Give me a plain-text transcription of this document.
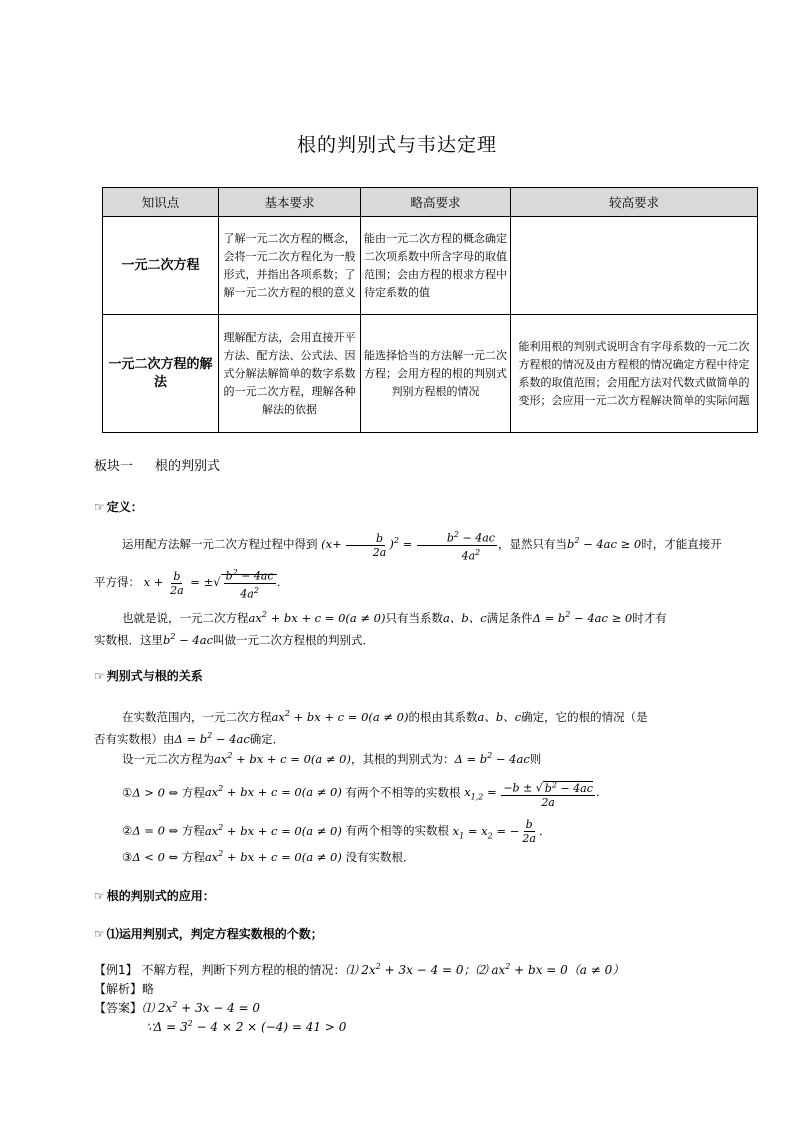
根的判别式与韦达定理
知识点	基本要求	略高要求	较高要求
一元二次方程	了解一元二次方程的概念，会将一元二次方程化为一般形式，并指出各项系数；了解一元二次方程的根的意义	能由一元二次方程的概念确定二次项系数中所含字母的取值范围；会由方程的根求方程中待定系数的值	
一元二次方程的解法	理解配方法，会用直接开平方法、配方法、公式法、因式分解法解简单的数字系数的一元二次方程，理解各种解法的依据	能选择恰当的方法解一元二次方程；会用方程的根的判别式判别方程根的情况	能利用根的判别式说明含有字母系数的一元二次方程根的情况及由方程根的情况确定方程中待定系数的取值范围；会用配方法对代数式做简单的变形；会应用一元二次方程解决简单的实际问题
板块一 根的判别式
☞ 定义：
运用配方法解一元二次方程过程中得到 $(x+ \frac{b}{2a} )^2 = \frac{b^2 - 4ac}{4a^2}$ ，显然只有当$b^2 - 4ac \ge 0$时，才能直接开
平方得： $x + \frac{b}{2a}$ = ±√ $\frac{b^2 - 4ac}{4a^2}$ ．
也就是说，一元二次方程$ax^2$ + bx + c = 0(a ≠ 0)只有当系数a、b、c满足条件$\Delta = b^2 - 4ac \ge 0$时才有
实数根．这里$b^2 - 4ac$叫做一元二次方程根的判别式．
☞ 判别式与根的关系
在实数范围内，一元二次方程$ax^2$ + bx + c = 0(a ≠ 0)的根由其系数a、b、c确定，它的根的情况（是
否有实数根）由$\Delta = b^2 - 4ac$确定．
设一元二次方程为$ax^2$ + bx + c = 0(a ≠ 0)，其根的判别式为：$\Delta = b^2 - 4ac$则
①Δ > 0 ⇔ 方程$ax^2$ + bx + c = 0(a ≠ 0) 有两个不相等的实数根 $x_{1,2} = \frac{-b \pm √ b^2 - 4ac}{2a}$ ．
②Δ = 0 ⇔ 方程$ax^2$ + bx + c = 0(a ≠ 0) 有两个相等的实数根 $x_1 = x_2$ = − $\frac{b}{2a}$ ．
③Δ < 0 ⇔ 方程$ax^2$ + bx + c = 0(a ≠ 0) 没有实数根．
☞ 根的判别式的应用：
☞ ⑴运用判别式，判定方程实数根的个数；
【例1】 不解方程，判断下列方程的根的情况：⑴ $2x^2 + 3x - 4 = 0$；⑵ $ax^2$ + bx = 0（a ≠ 0）
【解析】略
【答案】⑴ $2x^2 + 3x - 4 = 0$
∵Δ = $3^2 - 4 \times 2 \times (-4) = 41 > 0$
